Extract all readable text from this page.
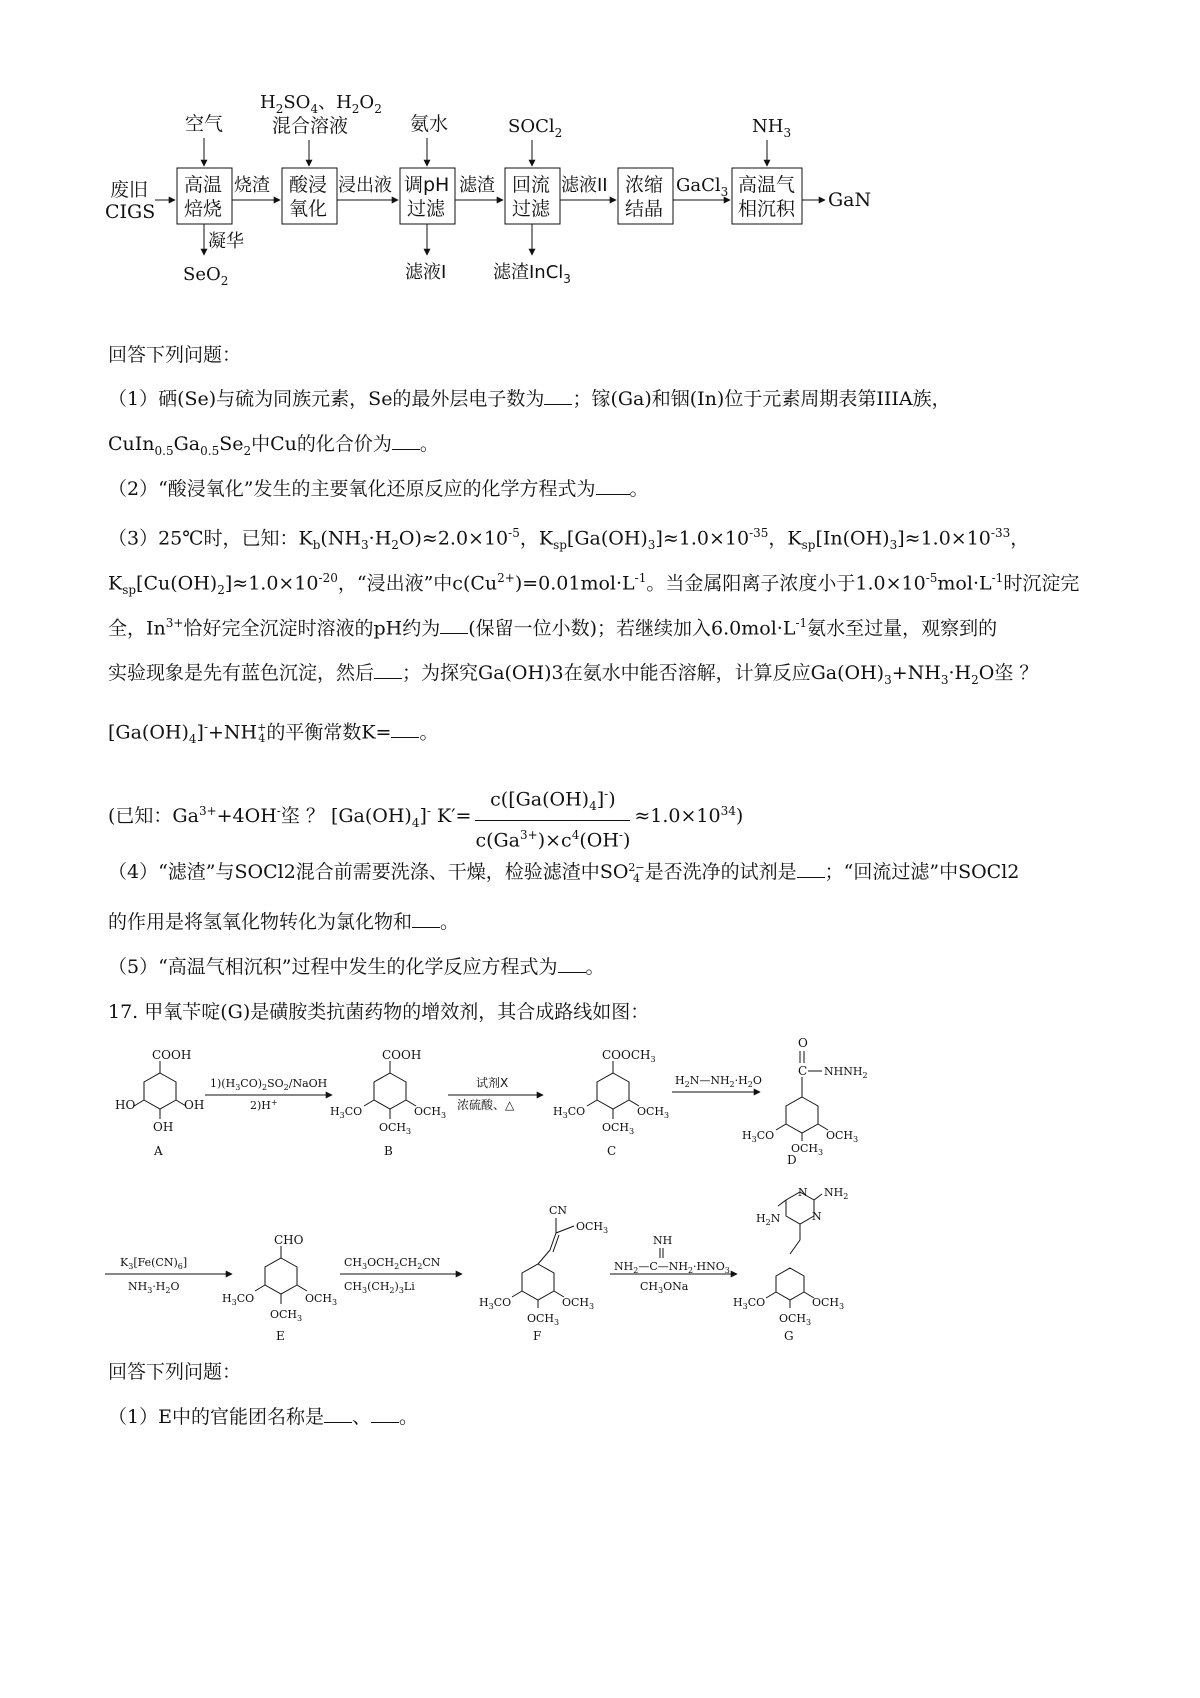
废旧
CIGS
高温
焙烧
酸浸
氧化
调pH
过滤
回流
过滤
浓缩
结晶
高温气
相沉积
烧渣	浸出液	滤渣	滤液II	GaCl$_3$	GaN
空气
$H_2SO_4$、$H_2O_2$
混合溶液	氨水	SOCl$_2$	$NH_3$
凝华
SeO$_2$	滤液I	滤渣InCl$_3$
回答下列问题：
（1）硒(Se)与硫为同族元素，Se的最外层电子数为 ；镓(Ga)和铟(In)位于元素周期表第IIIA族，
$CuIn_{0.5}Ga_{0.5}Se_2$中Cu的化合价为 。
（2）“酸浸氧化”发生的主要氧化还原反应的化学方程式为 。
（3）25℃时，已知：$K_b(NH_3\cdot H_2O)\approx 2.0\times 10^{-5}$，$K_{sp}[Ga(OH)_3]\approx 1.0\times 10^{-35}$，$K_{sp}[In(OH)_3]\approx 1.0\times 10^{-33}$，
$K_{sp}[Cu(OH)_2]\approx 1.0\times 10^{-20}$，“浸出液”中$c(Cu^{2+})=0.01mol\cdot L^{-1}$。当金属阳离子浓度小于$1.0\times 10^{-5}mol\cdot L^{-1}$时沉淀完
全，$In^{3+}$恰好完全沉淀时溶液的pH约为 (保留一位小数)；若继续加入$6.0mol\cdot L^{-1}$氨水至过量，观察到的
实验现象是先有蓝色沉淀，然后 ；为探究Ga(OH)3在氨水中能否溶解，计算反应$Ga(OH)_3+NH_3\cdot H_2O$垐 ？
$[Ga(OH)_4]^-+NH$ +
4 的平衡常数K= 。
(已知：$Ga^{3+}+4OH^-$垐 ？ $[Ga(OH)_4]^-$ $K'= \frac{c([Ga(OH)_4]^-)}{c(Ga^{3+})\times c^4(OH^-)} \approx 1.0\times 10^{34}$)
（4）“滤渣”与SOCl2混合前需要洗涤、干燥，检验滤渣中SO 2−
4 是否洗净的试剂是 ；“回流过滤”中SOCl2
的作用是将氢氧化物转化为氯化物和 。
（5）“高温气相沉积”过程中发生的化学反应方程式为 。
17. 甲氧苄啶(G)是磺胺类抗菌药物的增效剂，其合成路线如图：
COOH
HO	OH
OH
A
$1)(H_3CO)_2SO_2$/NaOH
2)H+
COOH
$H_3CO$	$OCH_3$
$OCH_3$
B
试剂X
浓硫酸、△
$COOCH_3$
$H_3CO$	$OCH_3$
$OCH_3$
C
$H_2N—NH_2\cdot H_2O$
O
C $NHNH_2$
$H_3CO$	$OCH_3$
$OCH_3$
D
$K_3[Fe(CN)_6]$
$NH_3\cdot H_2O$
CHO
$H_3CO$	$OCH_3$
$OCH_3$
E
$CH_3OCH_2CH_2CN$
$CH_3(CH_2)_3Li$
CN
$OCH_3$
$H_3CO$	$OCH_3$
$OCH_3$
F
NH
$NH_2—C—NH_2\cdot HNO_3$
$CH_3ONa$
N
N
$NH_2$
$H_2N$
$H_3CO$	$OCH_3$
$OCH_3$
G
回答下列问题：
（1）E中的官能团名称是 、 。
